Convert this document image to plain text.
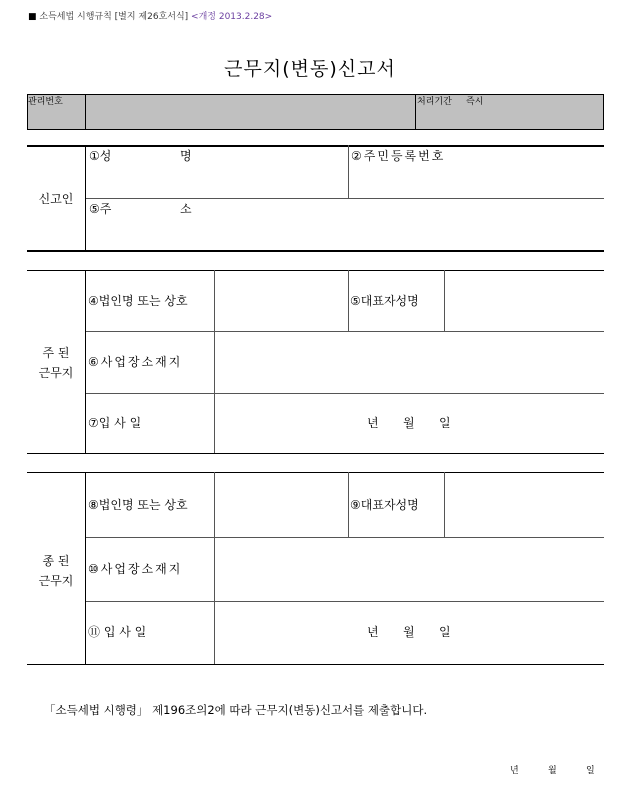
■ 소득세법 시행규칙 [별지 제26호서식] <개정 2013.2.28>
근무지(변동)신고서
관리번호	처리기간 즉시
신고인
①성	명	②주민등록번호
⑤주	소
주 된
근무지
④법인명 또는 상호	⑤대표자성명
⑥사업장소재지
⑦입 사 일	년 월 일
종 된
근무지
⑧법인명 또는 상호	⑨대표자성명
⑩사업장소재지
⑪ 입 사 일	년 월 일
「소득세법 시행령」 제196조의2에 따라 근무지(변동)신고서를 제출합니다.
년	월	일
